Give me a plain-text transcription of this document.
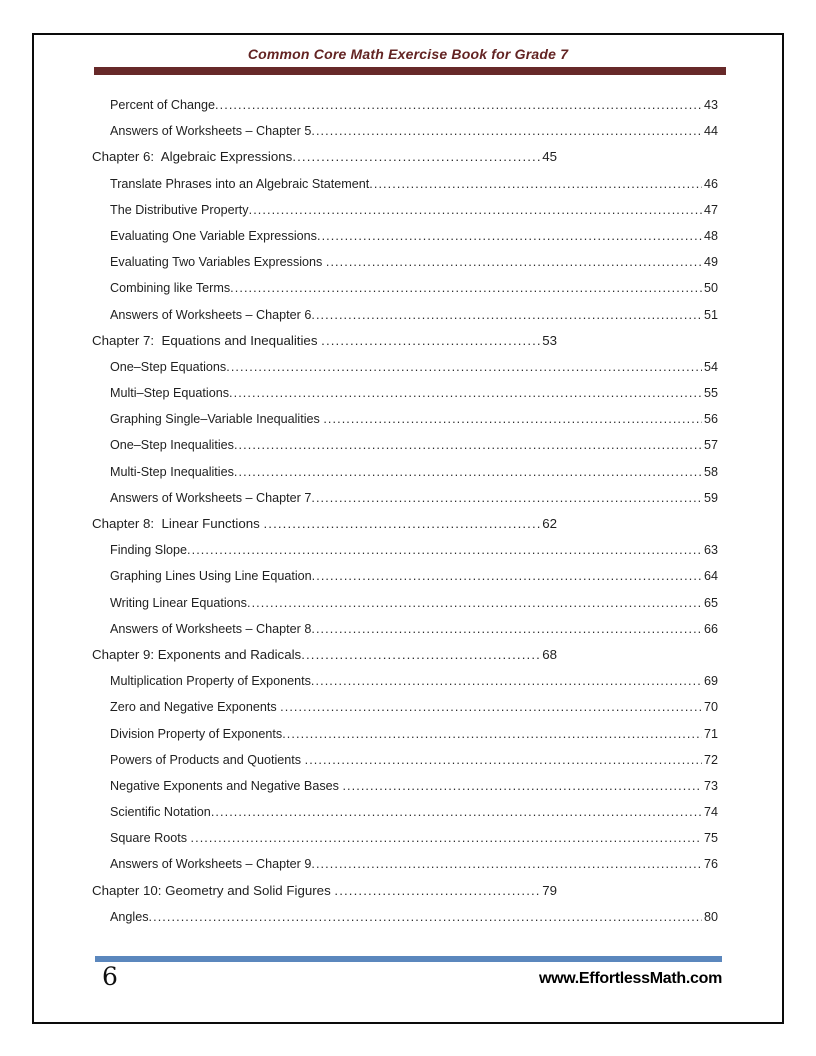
Common Core Math Exercise Book for Grade 7
Percent of Change .....	43
Answers of Worksheets – Chapter 5 .....	44
Chapter 6:  Algebraic Expressions .....	45
Translate Phrases into an Algebraic Statement .....	46
The Distributive Property .....	47
Evaluating One Variable Expressions .....	48
Evaluating Two Variables Expressions .....	49
Combining like Terms .....	50
Answers of Worksheets – Chapter 6 .....	51
Chapter 7:  Equations and Inequalities .....	53
One–Step Equations .....	54
Multi–Step Equations .....	55
Graphing Single–Variable Inequalities .....	56
One–Step Inequalities .....	57
Multi-Step Inequalities .....	58
Answers of Worksheets – Chapter 7 .....	59
Chapter 8:  Linear Functions .....	62
Finding Slope .....	63
Graphing Lines Using Line Equation .....	64
Writing Linear Equations .....	65
Answers of Worksheets – Chapter 8 .....	66
Chapter 9: Exponents and Radicals .....	68
Multiplication Property of Exponents .....	69
Zero and Negative Exponents .....	70
Division Property of Exponents .....	71
Powers of Products and Quotients .....	72
Negative Exponents and Negative Bases .....	73
Scientific Notation .....	74
Square Roots .....	75
Answers of Worksheets – Chapter 9 .....	76
Chapter 10: Geometry and Solid Figures .....	79
Angles .....	80
6	www.EffortlessMath.com
